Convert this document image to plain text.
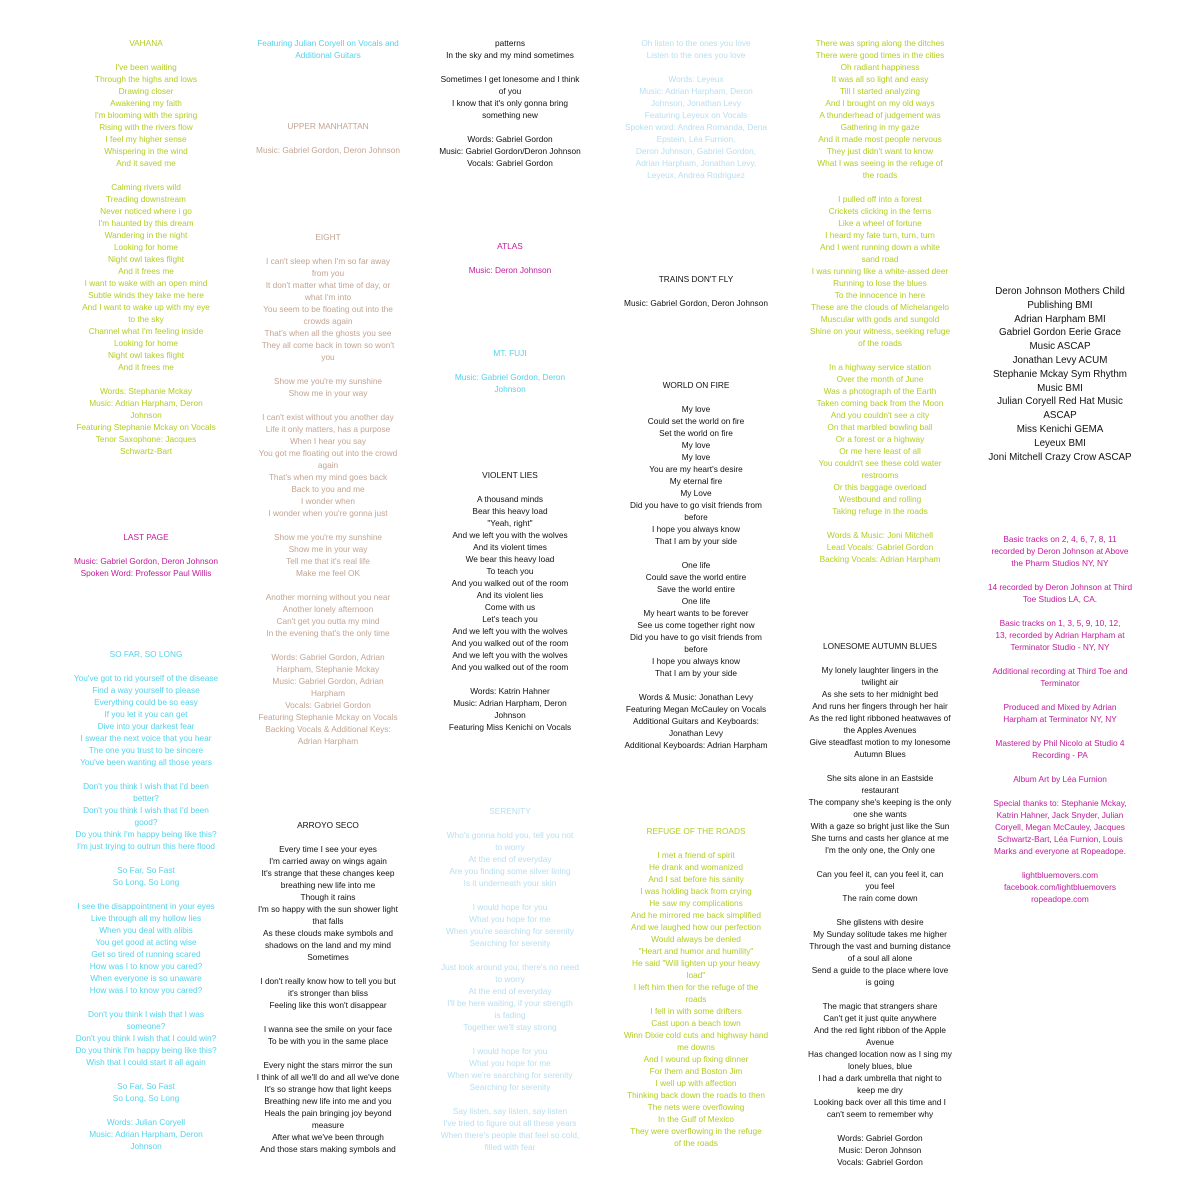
VAHANA

I've been waiting
Through the highs and lows
Drawing closer
Awakening my faith
I'm blooming with the spring
Rising with the rivers flow
I feel my higher sense
Whispering in the wind
And it saved me

Calming rivers wild
Treading downstream
Never noticed where i go
I'm haunted by this dream
Wandering in the night
Looking for home
Night owl takes flight
And it frees me
I want to wake with an open mind
Subtle winds they take me here
And I want to wake up with my eye
to the sky
Channel what I'm feeling inside
Looking for home
Night owl takes flight
And it frees me

Words: Stephanie Mckay
Music: Adrian Harpham, Deron
Johnson
Featuring Stephanie Mckay on Vocals
Tenor Saxophone: Jacques
Schwartz-Bart

LAST PAGE

Music: Gabriel Gordon, Deron Johnson
Spoken Word: Professor Paul Willis

SO FAR, SO LONG

You've got to rid yourself of the disease
Find a way yourself to please
Everything could be so easy
If you let it you can get
Dive into your darkest fear
I swear the next voice that you hear
The one you trust to be sincere
You've been wanting all those years

Don't you think I wish that I'd been
better?
Don't you think I wish that I'd been
good?
Do you think I'm happy being like this?
I'm just trying to outrun this here flood

So Far, So Fast
So Long, So Long

I see the disappointment in your eyes
Live through all my hollow lies
When you deal with alibis
You get good at acting wise
Get so tired of running scared
How was I to know you cared?
When everyone is so unaware
How was I to know you cared?

Don't you think I wish that I was
someone?
Don't you think I wish that I could win?
Do you think I'm happy being like this?
Wish that I could start it all again

So Far, So Fast
So Long, So Long

Words: Julian Coryell
Music: Adrian Harpham, Deron
Johnson

Featuring Julian Coryell on Vocals and
Additional Guitars

UPPER MANHATTAN

Music: Gabriel Gordon, Deron Johnson

EIGHT

I can't sleep when I'm so far away
from you
It don't matter what time of day, or
what I'm into
You seem to be floating out into the
crowds again
That's when all the ghosts you see
They all come back in town so won't
you

Show me you're my sunshine
Show me in your way

I can't exist without you another day
Life it only matters, has a purpose
When I hear you say
You got me floating out into the crowd
again
That's when my mind goes back
Back to you and me
I wonder when
I wonder when you're gonna just

Show me you're my sunshine
Show me in your way
Tell me that it's real life
Make me feel OK

Another morning without you near
Another lonely afternoon
Can't get you outta my mind
In the evening that's the only time

Words: Gabriel Gordon, Adrian
Harpham, Stephanie Mckay
Music: Gabriel Gordon, Adrian
Harpham
Vocals: Gabriel Gordon
Featuring Stephanie Mckay on Vocals
Backing Vocals & Additional Keys:
Adrian Harpham

ARROYO SECO

Every time I see your eyes
I'm carried away on wings again
It's strange that these changes keep
breathing new life into me
Though it rains
I'm so happy with the sun shower light
that falls
As these clouds make symbols and
shadows on the land and my mind
Sometimes

I don't really know how to tell you but
it's stronger than bliss
Feeling like this won't disappear

I wanna see the smile on your face
To be with you in the same place

Every night the stars mirror the sun
I think of all we'll do and all we've done
It's so strange how that light keeps
Breathing new life into me and you
Heals the pain bringing joy beyond
measure
After what we've been through
And those stars making symbols and

patterns
In the sky and my mind sometimes

Sometimes I get lonesome and I think
of you
I know that it's only gonna bring
something new

Words: Gabriel Gordon
Music: Gabriel Gordon/Deron Johnson
Vocals: Gabriel Gordon

ATLAS

Music: Deron Johnson

MT. FUJI

Music: Gabriel Gordon, Deron
Johnson

VIOLENT LIES

A thousand minds
Bear this heavy load
"Yeah, right"
And we left you with the wolves
And its violent times
We bear this heavy load
To teach you
And you walked out of the room
And its violent lies
Come with us
Let's teach you
And we left you with the wolves
And you walked out of the room
And we left you with the wolves
And you walked out of the room

Words: Katrin Hahner
Music: Adrian Harpham, Deron
Johnson
Featuring Miss Kenichi on Vocals

SERENITY

Who's gonna hold you, tell you not
to worry
At the end of everyday
Are you finding some silver lining
Is it underneath your skin

I would hope for you
What you hope for me
When you're searching for serenity
Searching for serenity

Just look around you, there's no need
to worry
At the end of everyday
I'll be here waiting, if your strength
is fading
Together we'll stay strong

I would hope for you
What you hope for me
When we're searching for serenity
Searching for serenity

Say listen, say listen, say listen
I've tried to figure out all these years
When there's people that feel so cold,
filled with fear

Oh listen to the ones you love
Listen to the ones you love

Words: Leyeux
Music: Adrian Harpham, Deron
Johnson, Jonathan Levy
Featuring Leyeux on Vocals
Spoken word: Andrea Romanda, Dena
Epstein, Léa Furnion,
Deron Johnson, Gabriel Gordon,
Adrian Harpham, Jonathan Levy,
Leyeux, Andrea Rodriguez

TRAINS DON'T FLY

Music: Gabriel Gordon, Deron Johnson

WORLD ON FIRE

My love
Could set the world on fire
Set the world on fire
My love
My love
You are my heart's desire
My eternal fire
My Love
Did you have to go visit friends from
before
I hope you always know
That I am by your side

One life
Could save the world entire
Save the world entire
One life
My heart wants to be forever
See us come together right now
Did you have to go visit friends from
before
I hope you always know
That I am by your side

Words & Music: Jonathan Levy
Featuring Megan McCauley on Vocals
Additional Guitars and Keyboards:
Jonathan Levy
Additional Keyboards: Adrian Harpham

REFUGE OF THE ROADS

I met a friend of spirit
He drank and womanized
And I sat before his sanity
I was holding back from crying
He saw my complications
And he mirrored me back simplified
And we laughed how our perfection
Would always be denied
"Heart and humor and humility"
He said "Will lighten up your heavy
load"
I left him then for the refuge of the
roads
I fell in with some drifters
Cast upon a beach town
Winn Dixie cold cuts and highway hand
me downs
And I wound up fixing dinner
For them and Boston Jim
I well up with affection
Thinking back down the roads to then
The nets were overflowing
In the Gulf of Mexico
They were overflowing in the refuge
of the roads

There was spring along the ditches
There were good times in the cities
Oh radiant happiness
It was all so light and easy
Till I started analyzing
And I brought on my old ways
A thunderhead of judgement was
Gathering in my gaze
And it made most people nervous
They just didn't want to know
What I was seeing in the refuge of
the roads

I pulled off into a forest
Crickets clicking in the ferns
Like a wheel of fortune
I heard my fate turn, turn, turn
And I went running down a white
sand road
I was running like a white-assed deer
Running to lose the blues
To the innocence in here
These are the clouds of Michelangelo
Muscular with gods and sungold
Shine on your witness, seeking refuge
of the roads

In a highway service station
Over the month of June
Was a photograph of the Earth
Taken coming back from the Moon
And you couldn't see a city
On that marbled bowling ball
Or a forest or a highway
Or me here least of all
You couldn't see these cold water
restrooms
Or this baggage overload
Westbound and rolling
Taking refuge in the roads

Words & Music: Joni Mitchell
Lead Vocals: Gabriel Gordon
Backing Vocals: Adrian Harpham

LONESOME AUTUMN BLUES

My lonely laughter lingers in the
twilight air
As she sets to her midnight bed
And runs her fingers through her hair
As the red light ribboned heatwaves of
the Apples Avenues
Give steadfast motion to my lonesome
Autumn Blues

She sits alone in an Eastside
restaurant
The company she's keeping is the only
one she wants
With a gaze so bright just like the Sun
She turns and casts her glance at me
I'm the only one, the Only one

Can you feel it, can you feel it, can
you feel
The rain come down

She glistens with desire
My Sunday solitude takes me higher
Through the vast and burning distance
of a soul all alone
Send a guide to the place where love
is going

The magic that strangers share
Can't get it just quite anywhere
And the red light ribbon of the Apple
Avenue
Has changed location now as I sing my
lonely blues, blue
I had a dark umbrella that night to
keep me dry
Looking back over all this time and I
can't seem to remember why

Words: Gabriel Gordon
Music: Deron Johnson
Vocals: Gabriel Gordon

Deron Johnson Mothers Child
Publishing BMI
Adrian Harpham BMI
Gabriel Gordon Eerie Grace
Music ASCAP
Jonathan Levy ACUM
Stephanie Mckay Sym Rhythm
Music BMI
Julian Coryell Red Hat Music
ASCAP
Miss Kenichi GEMA
Leyeux BMI
Joni Mitchell Crazy Crow ASCAP

Basic tracks on 2, 4, 6, 7, 8, 11
recorded by Deron Johnson at Above
the Pharm Studios NY, NY

14 recorded by Deron Johnson at Third
Toe Studios LA, CA.

Basic tracks on 1, 3, 5, 9, 10, 12,
13, recorded by Adrian Harpham at
Terminator Studio - NY, NY

Additional recording at Third Toe and
Terminator

Produced and Mixed by Adrian
Harpham at Terminator NY, NY

Mastered by Phil Nicolo at Studio 4
Recording - PA

Album Art by Léa Furnion

Special thanks to: Stephanie Mckay,
Katrin Hahner, Jack Snyder, Julian
Coryell, Megan McCauley, Jacques
Schwartz-Bart, Léa Furnion, Louis
Marks and everyone at Ropeadope.

lightbluemovers.com
facebook.com/lightbluemovers
ropeadope.com
